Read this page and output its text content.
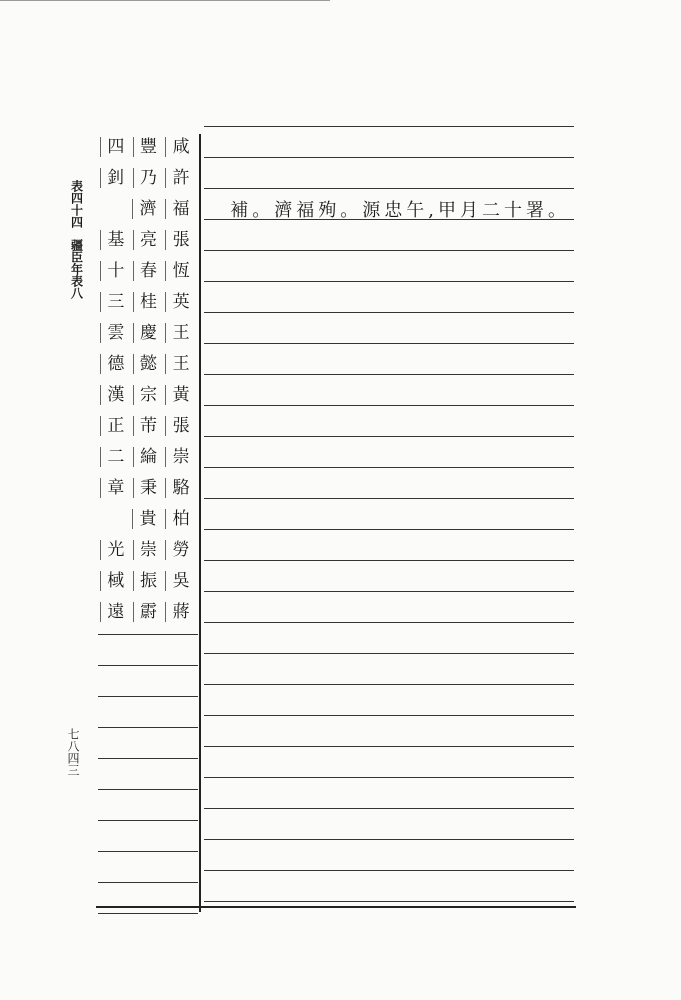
表四十四
疆臣年表八
七八四三
咸
豐
四
許
乃
釗
福
濟
張
亮
基
恆
春
十
英
桂
三
王
慶
雲
王
懿
德
黃
宗
漢
張
芾
正
崇
綸
二
駱
秉
章
柏
貴
勞
崇
光
吳
振
棫
蔣
霨
遠
補。濟福殉。源忠午,甲月二十署。
